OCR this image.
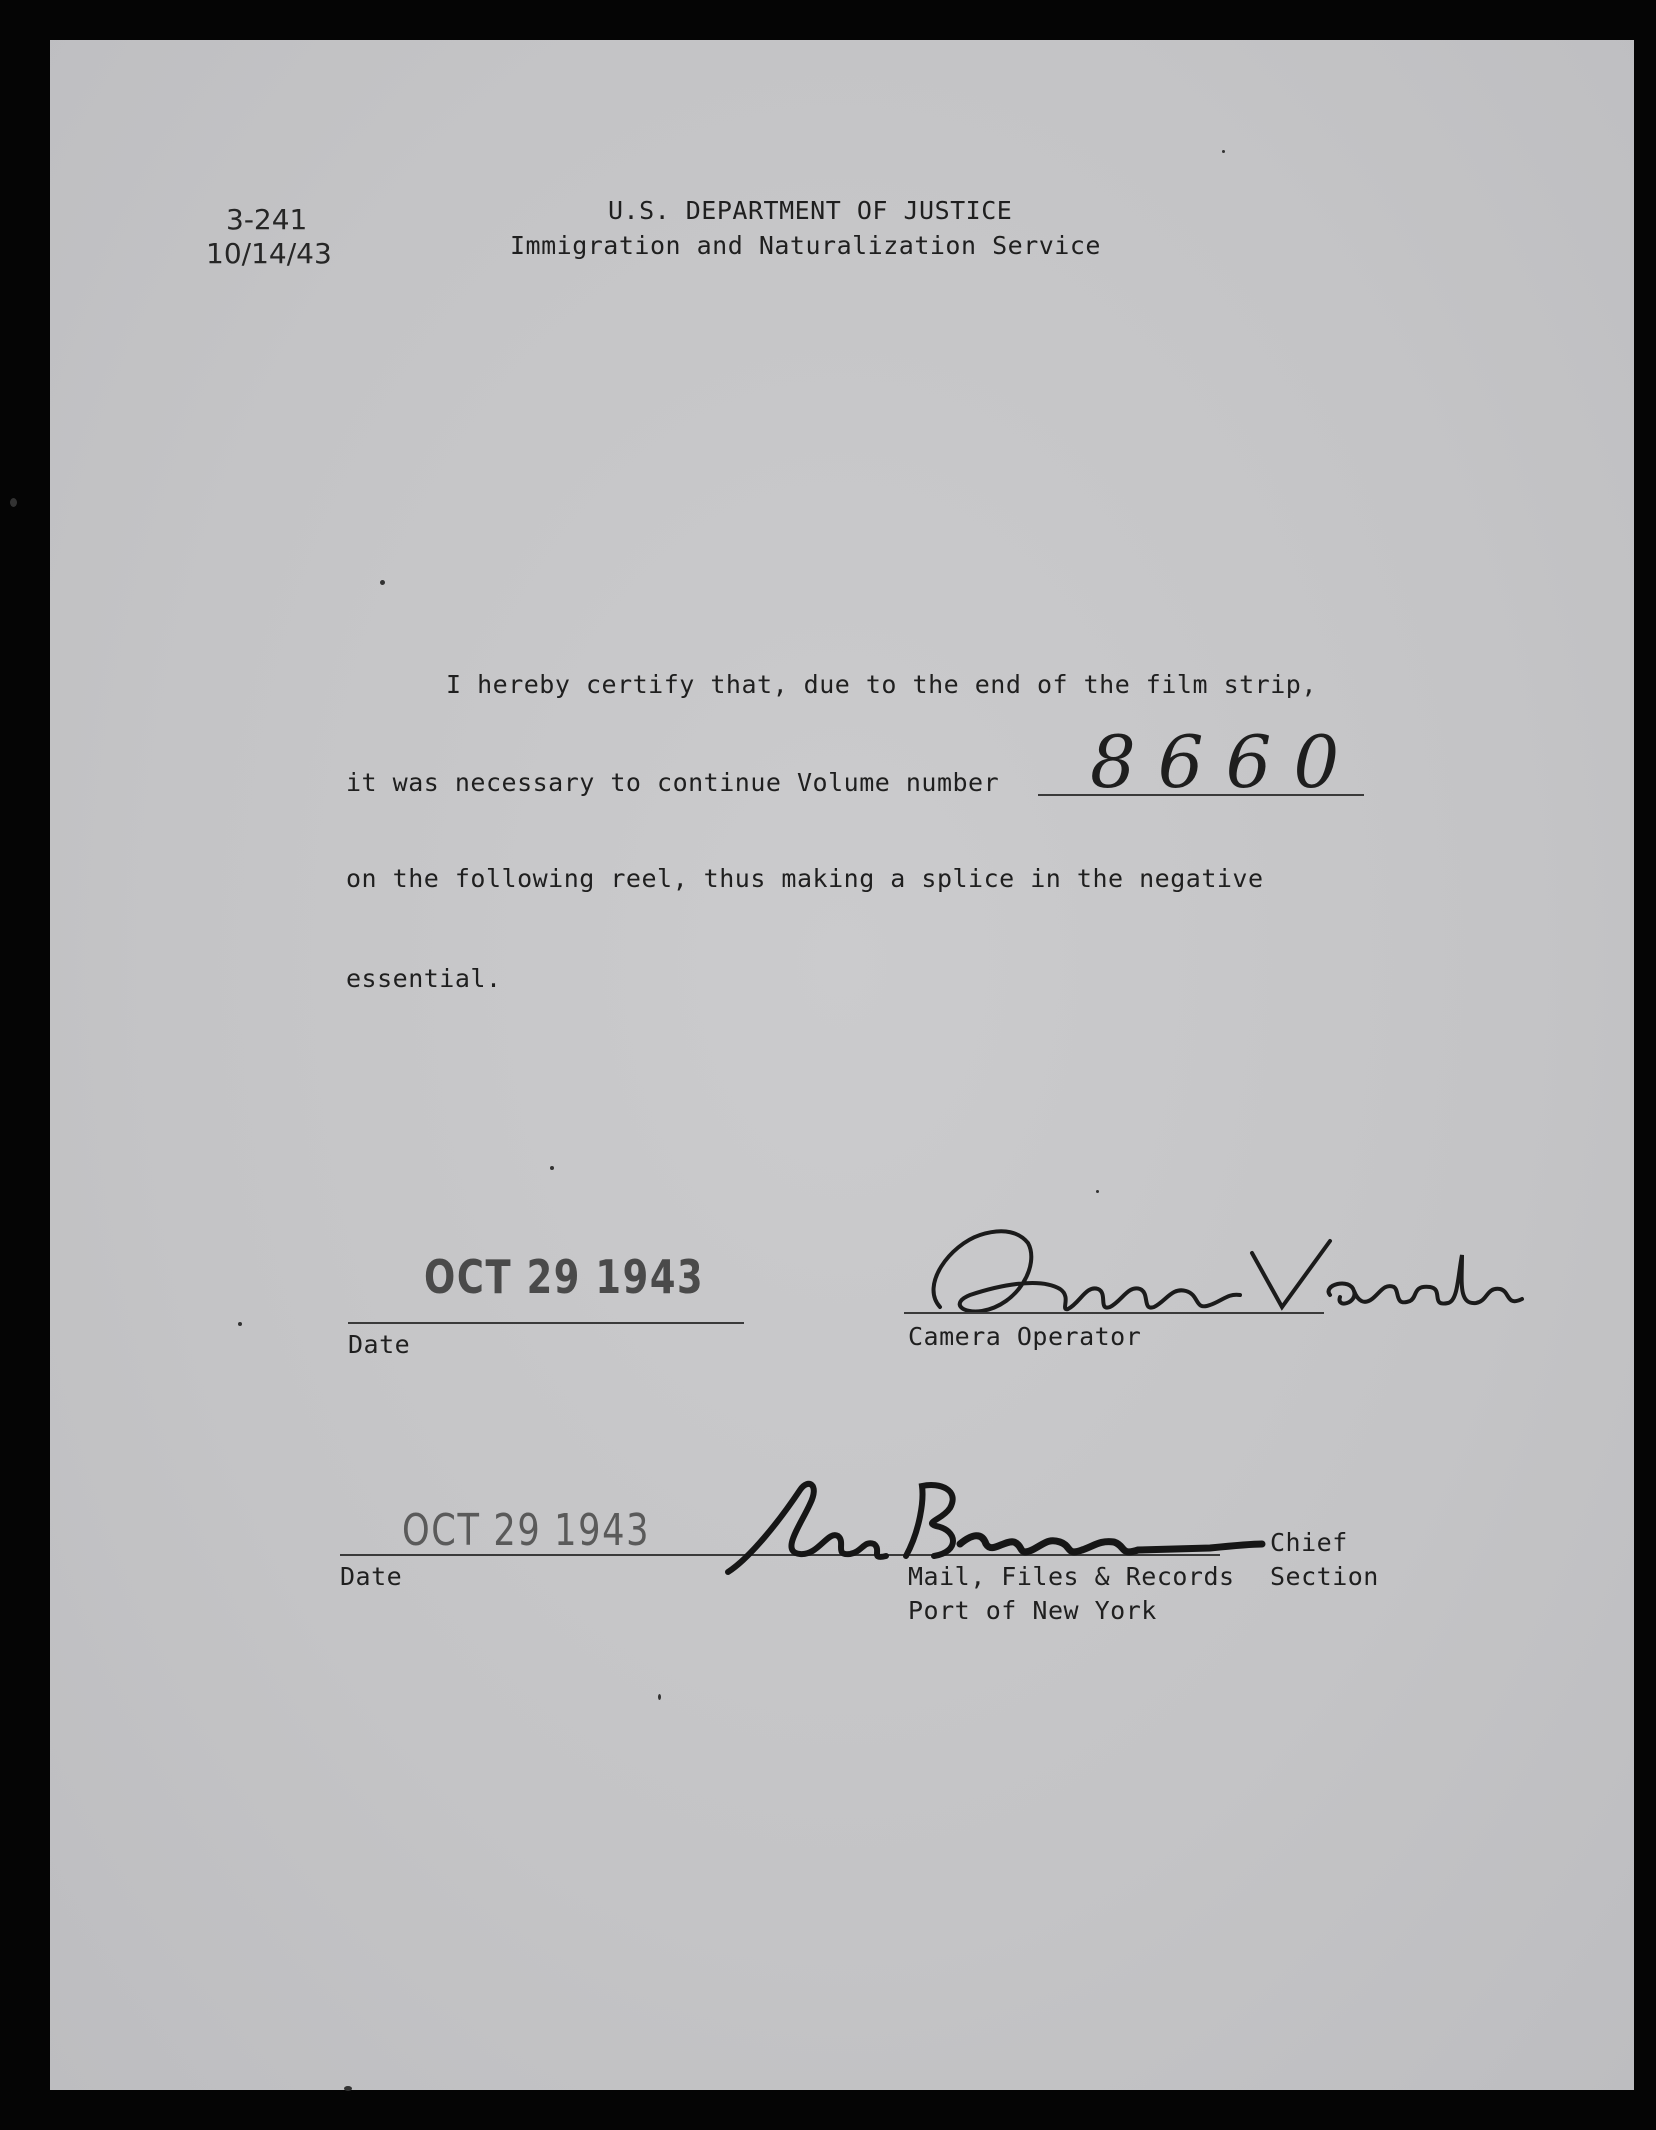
3-241
10/14/43
U.S. DEPARTMENT OF JUSTICE
Immigration and Naturalization Service
I hereby certify that, due to the end of the film strip,
it was necessary to continue Volume number 8660
on the following reel, thus making a splice in the negative
essential.
OCT 29 1943
Date	Camera Operator
OCT 29 1943
Date
Chief
Mail, Files & Records Section
Port of New York
